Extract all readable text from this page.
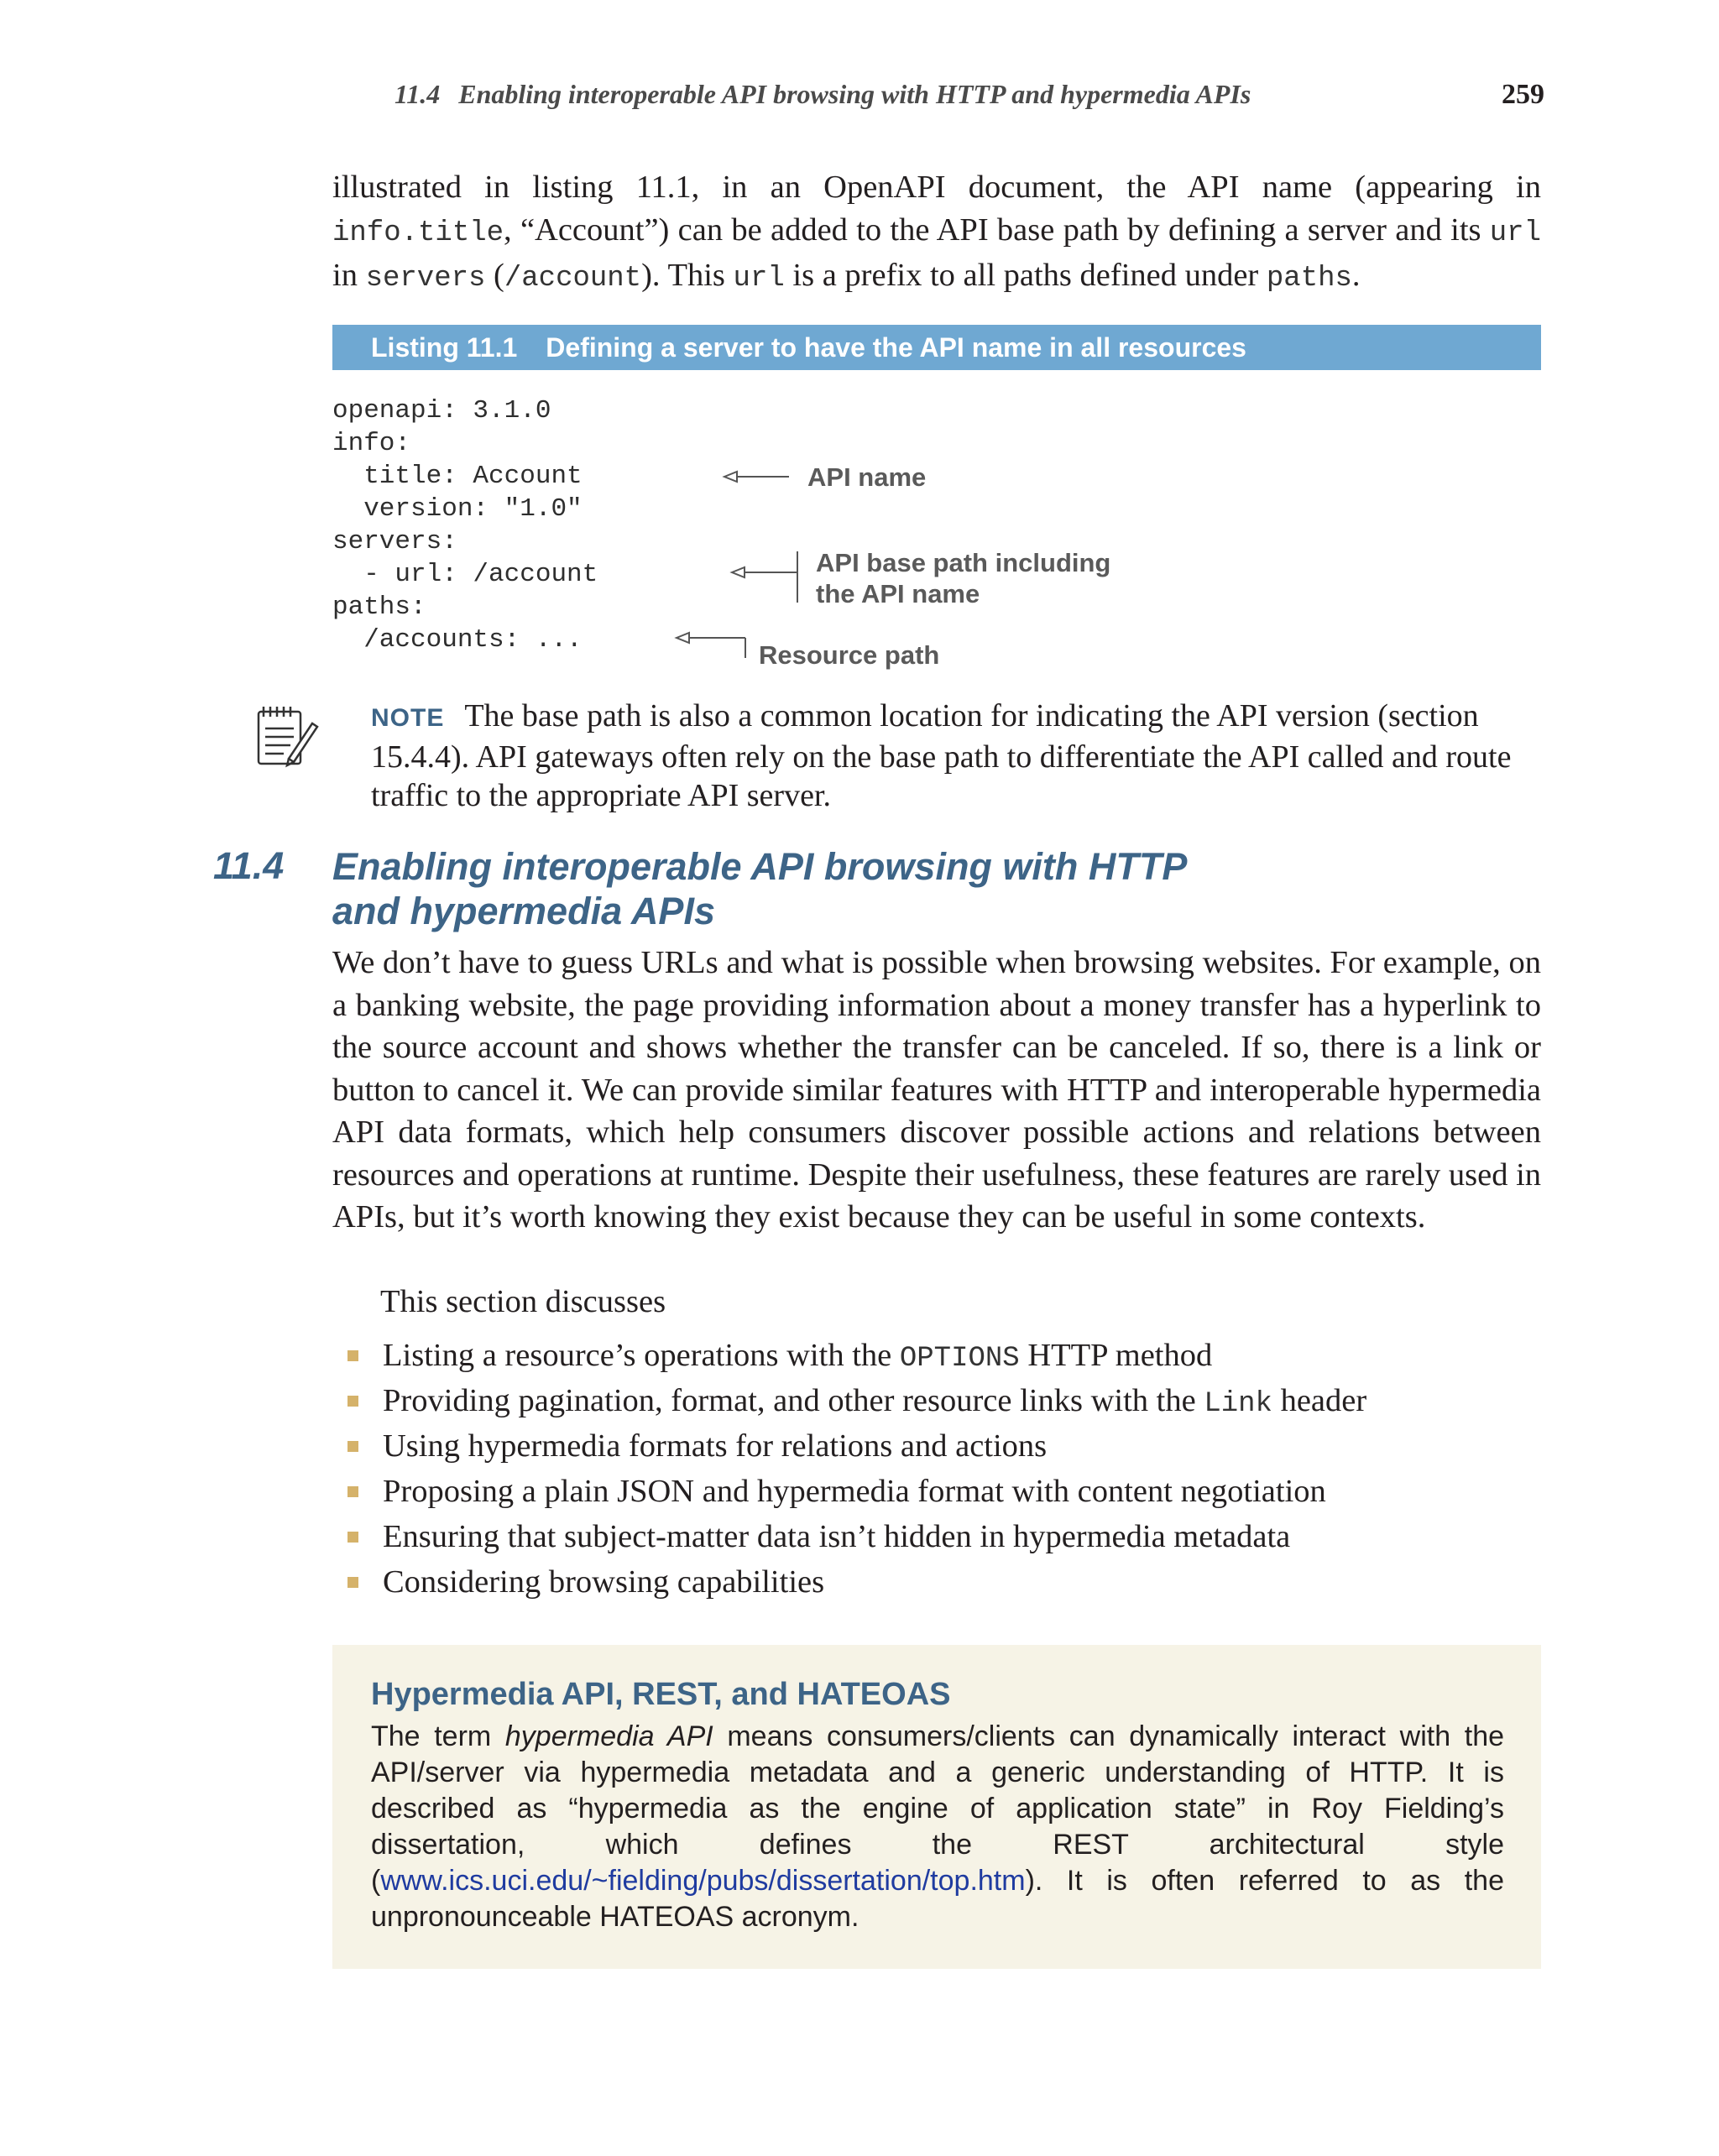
11.4 Enabling interoperable API browsing with HTTP and hypermedia APIs	259
illustrated in listing 11.1, in an OpenAPI document, the API name (appearing in info.title, “Account”) can be added to the API base path by defining a server and its url in servers (/account). This url is a prefix to all paths defined under paths.
Listing 11.1 Defining a server to have the API name in all resources
openapi: 3.1.0
info:
title: Account
version: "1.0"
servers:
- url: /account
paths:
/accounts: ...
API name
API base path including
the API name
Resource path
NOTE The base path is also a common location for indicating the API version (section 15.4.4). API gateways often rely on the base path to differentiate the API called and route traffic to the appropriate API server.
11.4 Enabling interoperable API browsing with HTTP
and hypermedia APIs
We don’t have to guess URLs and what is possible when browsing websites. For example, on a banking website, the page providing information about a money transfer has a hyperlink to the source account and shows whether the transfer can be canceled. If so, there is a link or button to cancel it. We can provide similar features with HTTP and interoperable hypermedia API data formats, which help consumers discover possible actions and relations between resources and operations at runtime. Despite their usefulness, these features are rarely used in APIs, but it’s worth knowing they exist because they can be useful in some contexts.
This section discusses
Listing a resource’s operations with the OPTIONS HTTP method
Providing pagination, format, and other resource links with the Link header
Using hypermedia formats for relations and actions
Proposing a plain JSON and hypermedia format with content negotiation
Ensuring that subject-matter data isn’t hidden in hypermedia metadata
Considering browsing capabilities
Hypermedia API, REST, and HATEOAS
The term hypermedia API means consumers/clients can dynamically interact with the API/server via hypermedia metadata and a generic understanding of HTTP. It is described as “hypermedia as the engine of application state” in Roy Fielding’s dissertation, which defines the REST architectural style (www.ics.uci.edu/~fielding/pubs/dissertation/top.htm). It is often referred to as the unpronounceable HATEOAS acronym.
